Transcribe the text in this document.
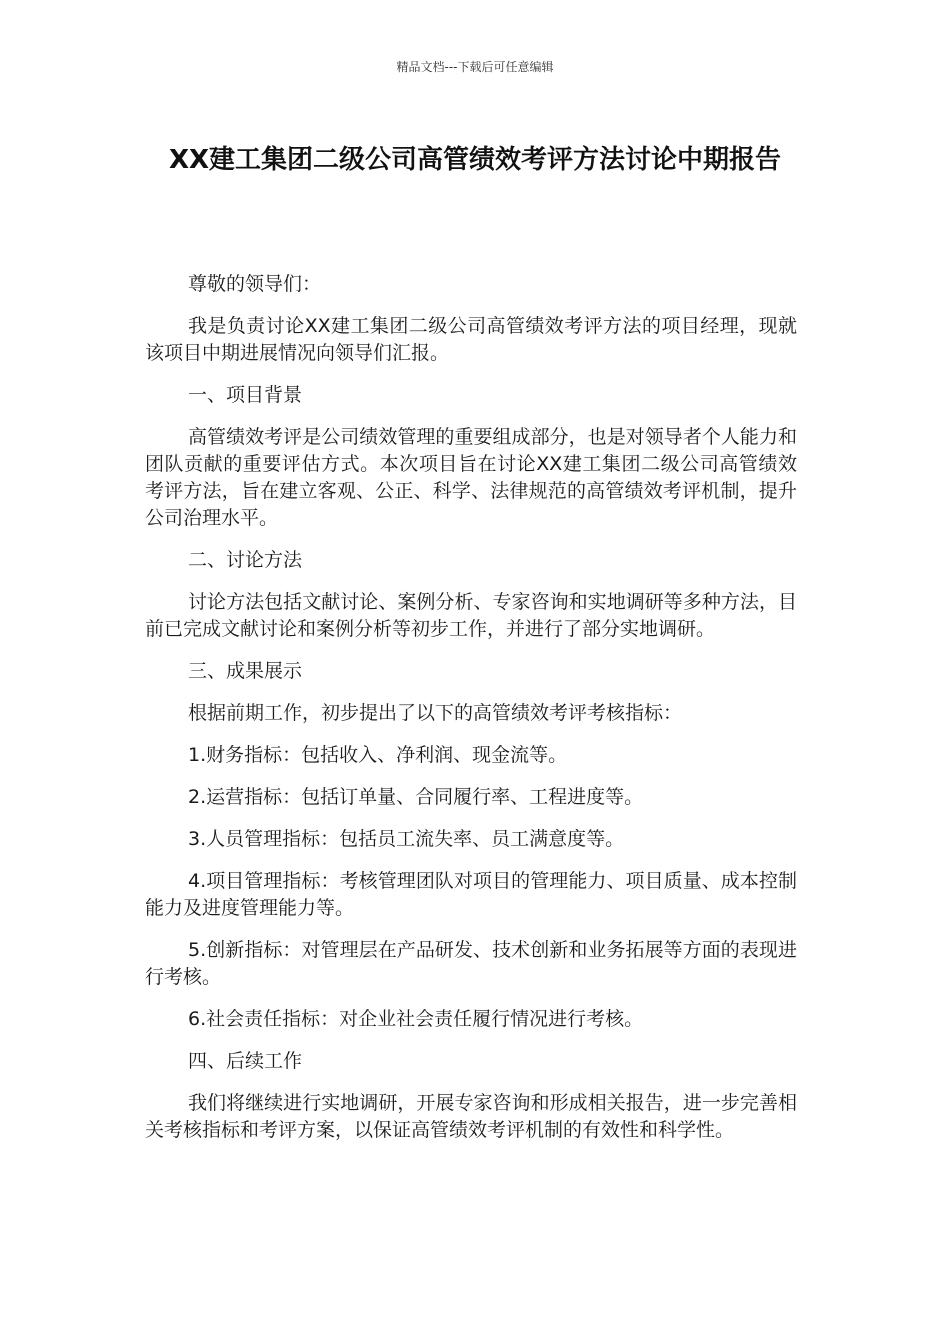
精品文档---下载后可任意编辑
XX建工集团二级公司高管绩效考评方法讨论中期报告

尊敬的领导们：

我是负责讨论XX建工集团二级公司高管绩效考评方法的项目经理，现就该项目中期进展情况向领导们汇报。

一、项目背景

高管绩效考评是公司绩效管理的重要组成部分，也是对领导者个人能力和团队贡献的重要评估方式。本次项目旨在讨论XX建工集团二级公司高管绩效考评方法，旨在建立客观、公正、科学、法律规范的高管绩效考评机制，提升公司治理水平。

二、讨论方法

讨论方法包括文献讨论、案例分析、专家咨询和实地调研等多种方法，目前已完成文献讨论和案例分析等初步工作，并进行了部分实地调研。

三、成果展示

根据前期工作，初步提出了以下的高管绩效考评考核指标：

1.财务指标：包括收入、净利润、现金流等。

2.运营指标：包括订单量、合同履行率、工程进度等。

3.人员管理指标：包括员工流失率、员工满意度等。

4.项目管理指标：考核管理团队对项目的管理能力、项目质量、成本控制能力及进度管理能力等。

5.创新指标：对管理层在产品研发、技术创新和业务拓展等方面的表现进行考核。

6.社会责任指标：对企业社会责任履行情况进行考核。

四、后续工作

我们将继续进行实地调研，开展专家咨询和形成相关报告，进一步完善相关考核指标和考评方案，以保证高管绩效考评机制的有效性和科学性。
